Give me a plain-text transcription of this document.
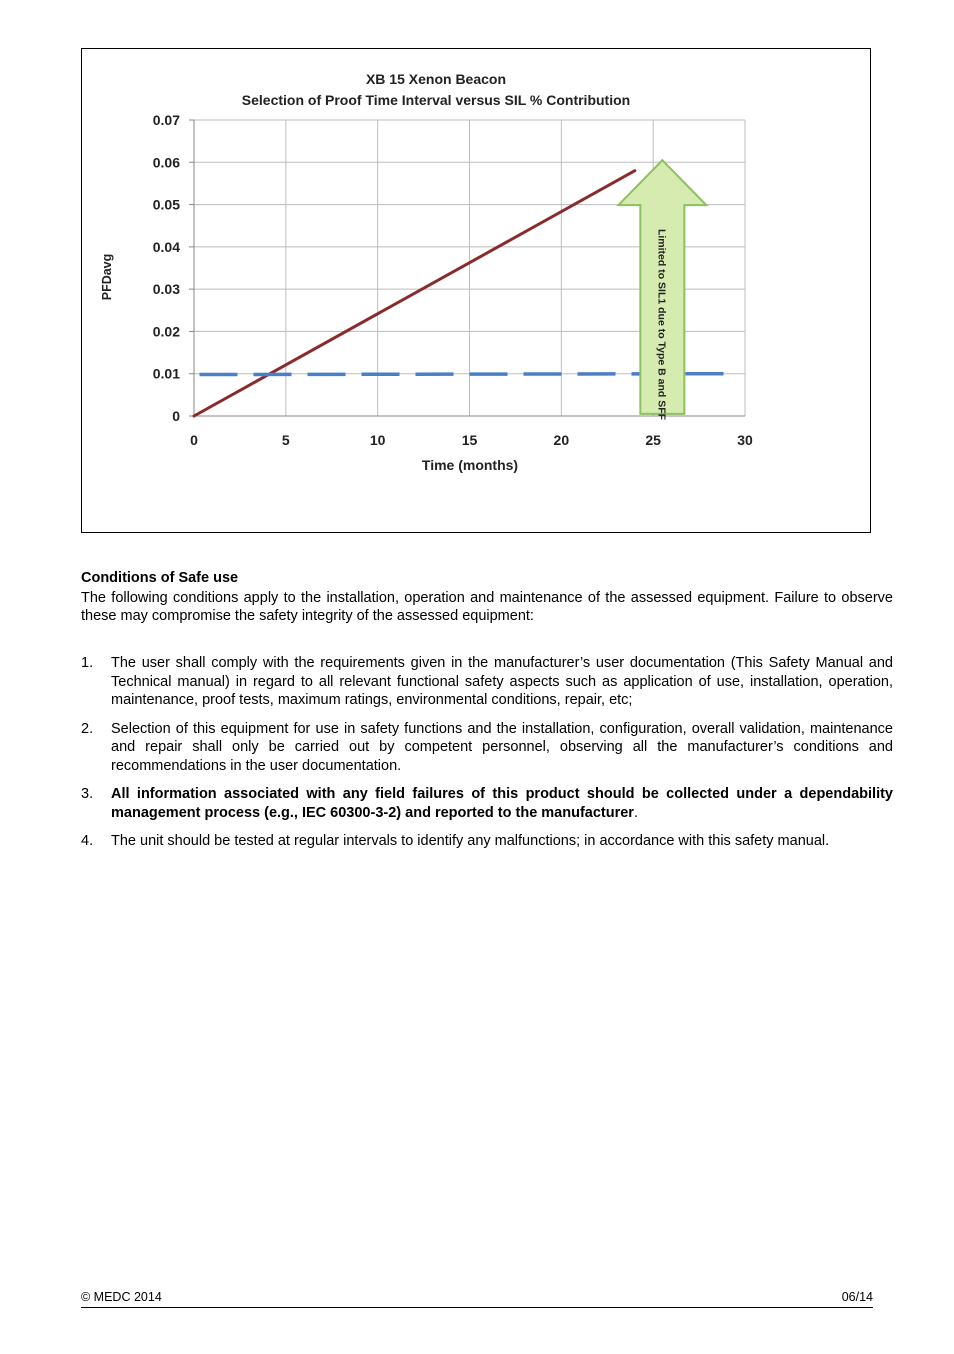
XB 15 Xenon Beacon
Selection of Proof Time Interval versus SIL % Contribution
PFDavg
Time (months)
0	5	10	15	20	25	30
0
0.01
0.02
0.03
0.04
0.05
0.06
0.07
Limited to SIL1 due to Type B and SFF
Conditions of Safe use
The following conditions apply to the installation, operation and maintenance of the assessed equipment. Failure to observe these may compromise the safety integrity of the assessed equipment:
1. The user shall comply with the requirements given in the manufacturer’s user documentation (This Safety Manual and Technical manual) in regard to all relevant functional safety aspects such as application of use, installation, operation, maintenance, proof tests, maximum ratings, environmental conditions, repair, etc;
2. Selection of this equipment for use in safety functions and the installation, configuration, overall validation, maintenance and repair shall only be carried out by competent personnel, observing all the manufacturer’s conditions and recommendations in the user documentation.
3. All information associated with any field failures of this product should be collected under a dependability management process (e.g., IEC 60300-3-2) and reported to the manufacturer.
4. The unit should be tested at regular intervals to identify any malfunctions; in accordance with this safety manual.
© MEDC 2014	06/14
